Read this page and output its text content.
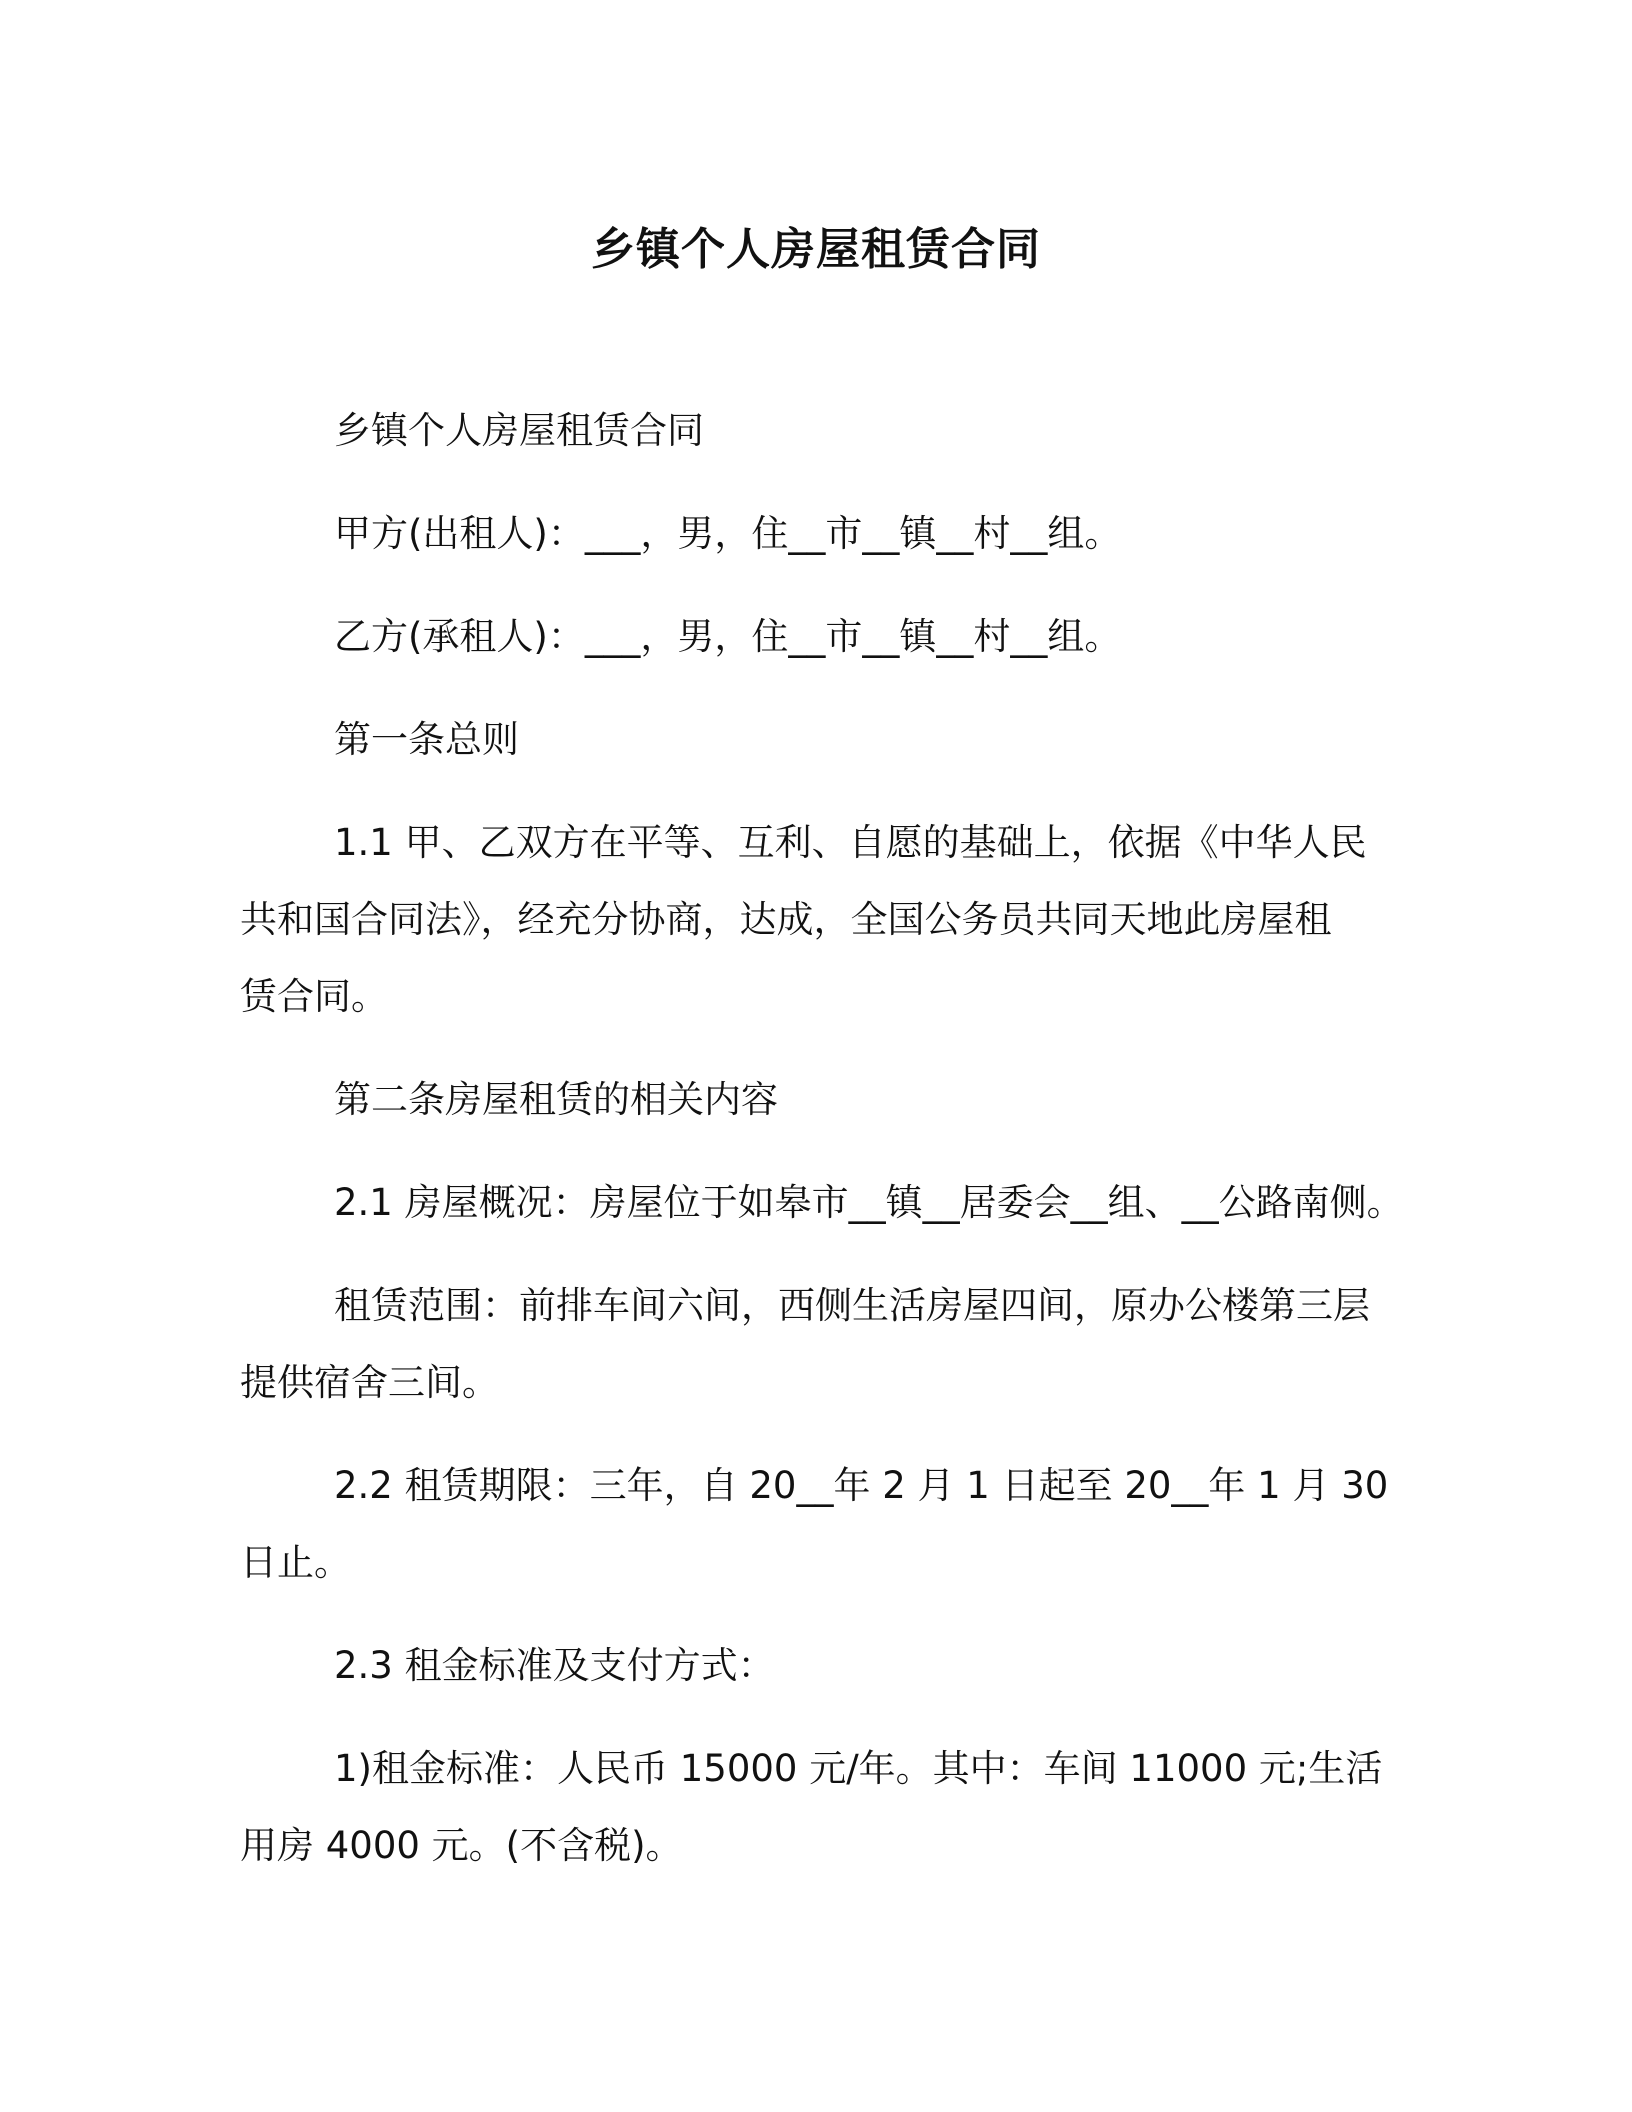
乡镇个人房屋租赁合同

乡镇个人房屋租赁合同

甲方(出租人)：___，男，住__市__镇__村__组。

乙方(承租人)：___，男，住__市__镇__村__组。

第一条总则

1.1 甲、乙双方在平等、互利、自愿的基础上，依据《中华人民
共和国合同法》，经充分协商，达成，全国公务员共同天地此房屋租
赁合同。

第二条房屋租赁的相关内容

2.1 房屋概况：房屋位于如皋市__镇__居委会__组、__公路南侧。

租赁范围：前排车间六间，西侧生活房屋四间，原办公楼第三层
提供宿舍三间。

2.2 租赁期限：三年，自 20__年 2 月 1 日起至 20__年 1 月 30
日止。

2.3 租金标准及支付方式：

1)租金标准：人民币 15000 元/年。其中：车间 11000 元;生活
用房 4000 元。(不含税)。
